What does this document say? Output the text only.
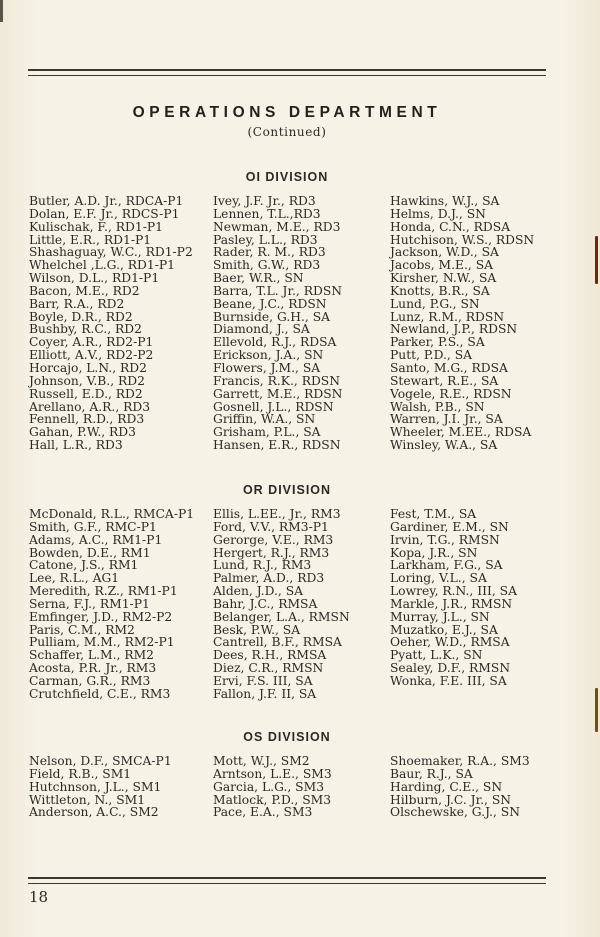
OPERATIONS DEPARTMENT
(Continued)
OI DIVISION
Butler, A.D. Jr., RDCA-P1
Dolan, E.F. Jr., RDCS-P1
Kulischak, F., RD1-P1
Little, E.R., RD1-P1
Shashaguay, W.C., RD1-P2
Whelchel ,L.G., RD1-P1
Wilson, D.L., RD1-P1
Bacon, M.E., RD2
Barr, R.A., RD2
Boyle, D.R., RD2
Bushby, R.C., RD2
Coyer, A.R., RD2-P1
Elliott, A.V., RD2-P2
Horcajo, L.N., RD2
Johnson, V.B., RD2
Russell, E.D., RD2
Arellano, A.R., RD3
Fennell, R.D., RD3
Gahan, P.W., RD3
Hall, L.R., RD3
Ivey, J.F. Jr., RD3
Lennen, T.L.,RD3
Newman, M.E., RD3
Pasley, L.L., RD3
Rader, R. M., RD3
Smith, G.W., RD3
Baer, W.R., SN
Barra, T.L. Jr., RDSN
Beane, J.C., RDSN
Burnside, G.H., SA
Diamond, J., SA
Ellevold, R.J., RDSA
Erickson, J.A., SN
Flowers, J.M., SA
Francis, R.K., RDSN
Garrett, M.E., RDSN
Gosnell, J.L., RDSN
Griffin, W.A., SN
Grisham, P.L., SA
Hansen, E.R., RDSN
Hawkins, W.J., SA
Helms, D.J., SN
Honda, C.N., RDSA
Hutchison, W.S., RDSN
Jackson, W.D., SA
Jacobs, M.E., SA
Kirsher, N.W., SA
Knotts, B.R., SA
Lund, P.G., SN
Lunz, R.M., RDSN
Newland, J.P., RDSN
Parker, P.S., SA
Putt, P.D., SA
Santo, M.G., RDSA
Stewart, R.E., SA
Vogele, R.E., RDSN
Walsh, P.B., SN
Warren, J.I. Jr., SA
Wheeler, M.EE., RDSA
Winsley, W.A., SA
OR DIVISION
McDonald, R.L., RMCA-P1
Smith, G.F., RMC-P1
Adams, A.C., RM1-P1
Bowden, D.E., RM1
Catone, J.S., RM1
Lee, R.L., AG1
Meredith, R.Z., RM1-P1
Serna, F.J., RM1-P1
Emfinger, J.D., RM2-P2
Paris, C.M., RM2
Pulliam, M.M., RM2-P1
Schaffer, L.M., RM2
Acosta, P.R. Jr., RM3
Carman, G.R., RM3
Crutchfield, C.E., RM3
Ellis, L.EE., Jr., RM3
Ford, V.V., RM3-P1
Gerorge, V.E., RM3
Hergert, R.J., RM3
Lund, R.J., RM3
Palmer, A.D., RD3
Alden, J.D., SA
Bahr, J.C., RMSA
Belanger, L.A., RMSN
Besk, P.W., SA
Cantrell, B.F., RMSA
Dees, R.H., RMSA
Diez, C.R., RMSN
Ervi, F.S. III, SA
Fallon, J.F. II, SA
Fest, T.M., SA
Gardiner, E.M., SN
Irvin, T.G., RMSN
Kopa, J.R., SN
Larkham, F.G., SA
Loring, V.L., SA
Lowrey, R.N., III, SA
Markle, J.R., RMSN
Murray, J.L., SN
Muzatko, E.J., SA
Oeher, W.D., RMSA
Pyatt, L.K., SN
Sealey, D.F., RMSN
Wonka, F.E. III, SA
OS DIVISION
Nelson, D.F., SMCA-P1
Field, R.B., SM1
Hutchnson, J.L., SM1
Wittleton, N., SM1
Anderson, A.C., SM2
Mott, W.J., SM2
Arntson, L.E., SM3
Garcia, L.G., SM3
Matlock, P.D., SM3
Pace, E.A., SM3
Shoemaker, R.A., SM3
Baur, R.J., SA
Harding, C.E., SN
Hilburn, J.C. Jr., SN
Olschewske, G.J., SN
18
